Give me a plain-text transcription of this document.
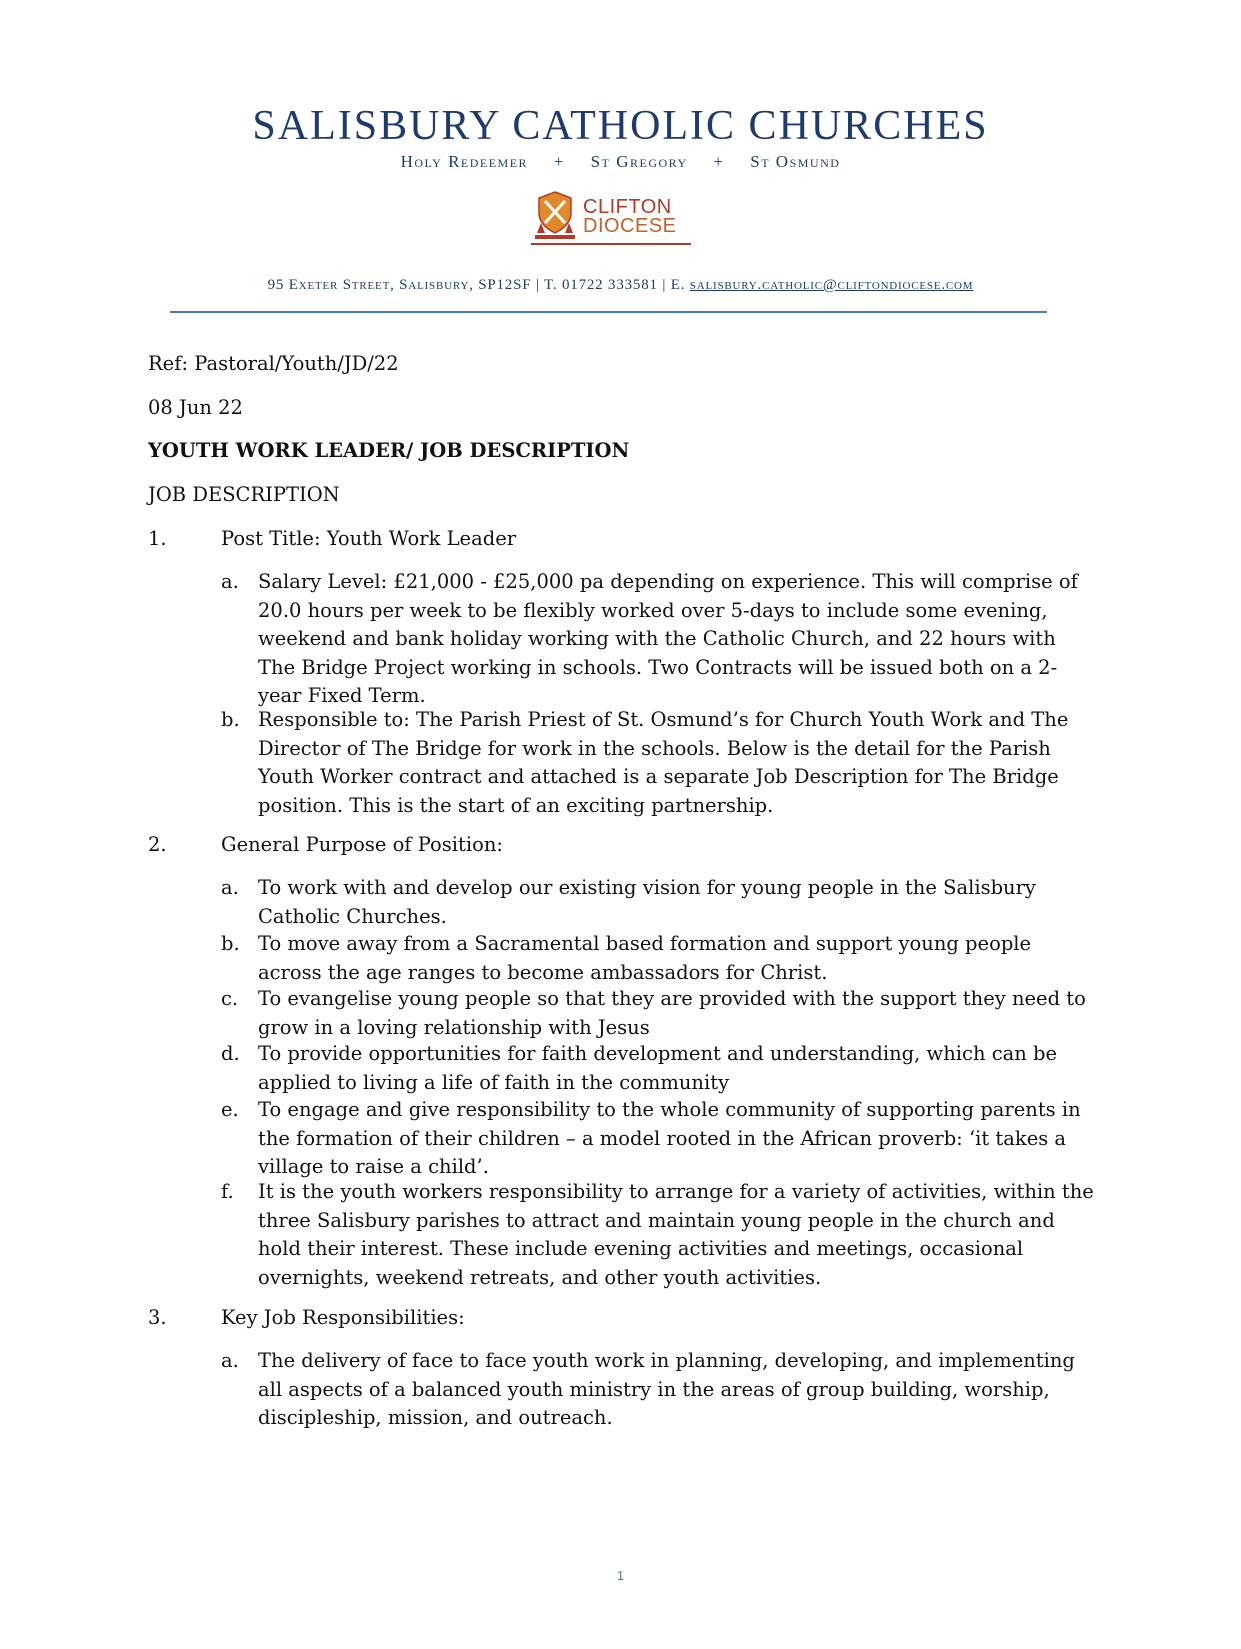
SALISBURY CATHOLIC CHURCHES
Holy Redeemer + St Gregory + St Osmund
CLIFTON
DIOCESE
95 Exeter Street, Salisbury, SP12SF | T. 01722 333581 | E. salisbury.catholic@cliftondiocese.com
Ref: Pastoral/Youth/JD/22
08 Jun 22
YOUTH WORK LEADER/ JOB DESCRIPTION
JOB DESCRIPTION
1.	Post Title: Youth Work Leader
a. Salary Level: £21,000 - £25,000 pa depending on experience. This will comprise of 20.0 hours per week to be flexibly worked over 5-days to include some evening, weekend and bank holiday working with the Catholic Church, and 22 hours with The Bridge Project working in schools. Two Contracts will be issued both on a 2-year Fixed Term.
b. Responsible to: The Parish Priest of St. Osmund’s for Church Youth Work and The Director of The Bridge for work in the schools. Below is the detail for the Parish Youth Worker contract and attached is a separate Job Description for The Bridge position. This is the start of an exciting partnership.
2.	General Purpose of Position:
a. To work with and develop our existing vision for young people in the Salisbury Catholic Churches.
b. To move away from a Sacramental based formation and support young people across the age ranges to become ambassadors for Christ.
c. To evangelise young people so that they are provided with the support they need to grow in a loving relationship with Jesus
d. To provide opportunities for faith development and understanding, which can be applied to living a life of faith in the community
e. To engage and give responsibility to the whole community of supporting parents in the formation of their children – a model rooted in the African proverb: ‘it takes a village to raise a child’.
f. It is the youth workers responsibility to arrange for a variety of activities, within the three Salisbury parishes to attract and maintain young people in the church and hold their interest. These include evening activities and meetings, occasional overnights, weekend retreats, and other youth activities.
3.	Key Job Responsibilities:
a. The delivery of face to face youth work in planning, developing, and implementing all aspects of a balanced youth ministry in the areas of group building, worship, discipleship, mission, and outreach.
1
